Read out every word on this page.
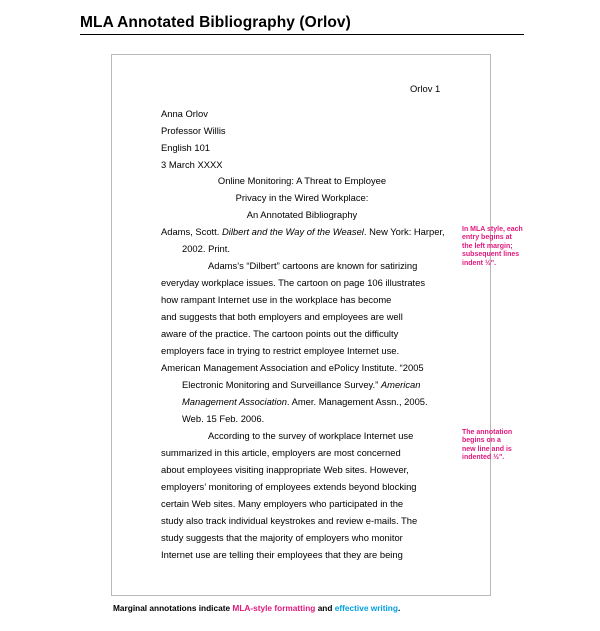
MLA Annotated Bibliography (Orlov)
Orlov 1
Anna Orlov
Professor Willis
English 101
3 March XXXX
Online Monitoring: A Threat to Employee
Privacy in the Wired Workplace:
An Annotated Bibliography
Adams, Scott. Dilbert and the Way of the Weasel. New York: Harper,
2002. Print.
Adams’s “Dilbert” cartoons are known for satirizing
everyday workplace issues. The cartoon on page 106 illustrates
how rampant Internet use in the workplace has become
and suggests that both employers and employees are well
aware of the practice. The cartoon points out the difficulty
employers face in trying to restrict employee Internet use.
American Management Association and ePolicy Institute. “2005
Electronic Monitoring and Surveillance Survey.” American
Management Association. Amer. Management Assn., 2005.
Web. 15 Feb. 2006.
According to the survey of workplace Internet use
summarized in this article, employers are most concerned
about employees visiting inappropriate Web sites. However,
employers’ monitoring of employees extends beyond blocking
certain Web sites. Many employers who participated in the
study also track individual keystrokes and review e-mails. The
study suggests that the majority of employers who monitor
Internet use are telling their employees that they are being
In MLA style, each
entry begins at
the left margin;
subsequent lines
indent ½".
The annotation
begins on a
new line and is
indented ½".
Marginal annotations indicate MLA-style formatting and effective writing.
